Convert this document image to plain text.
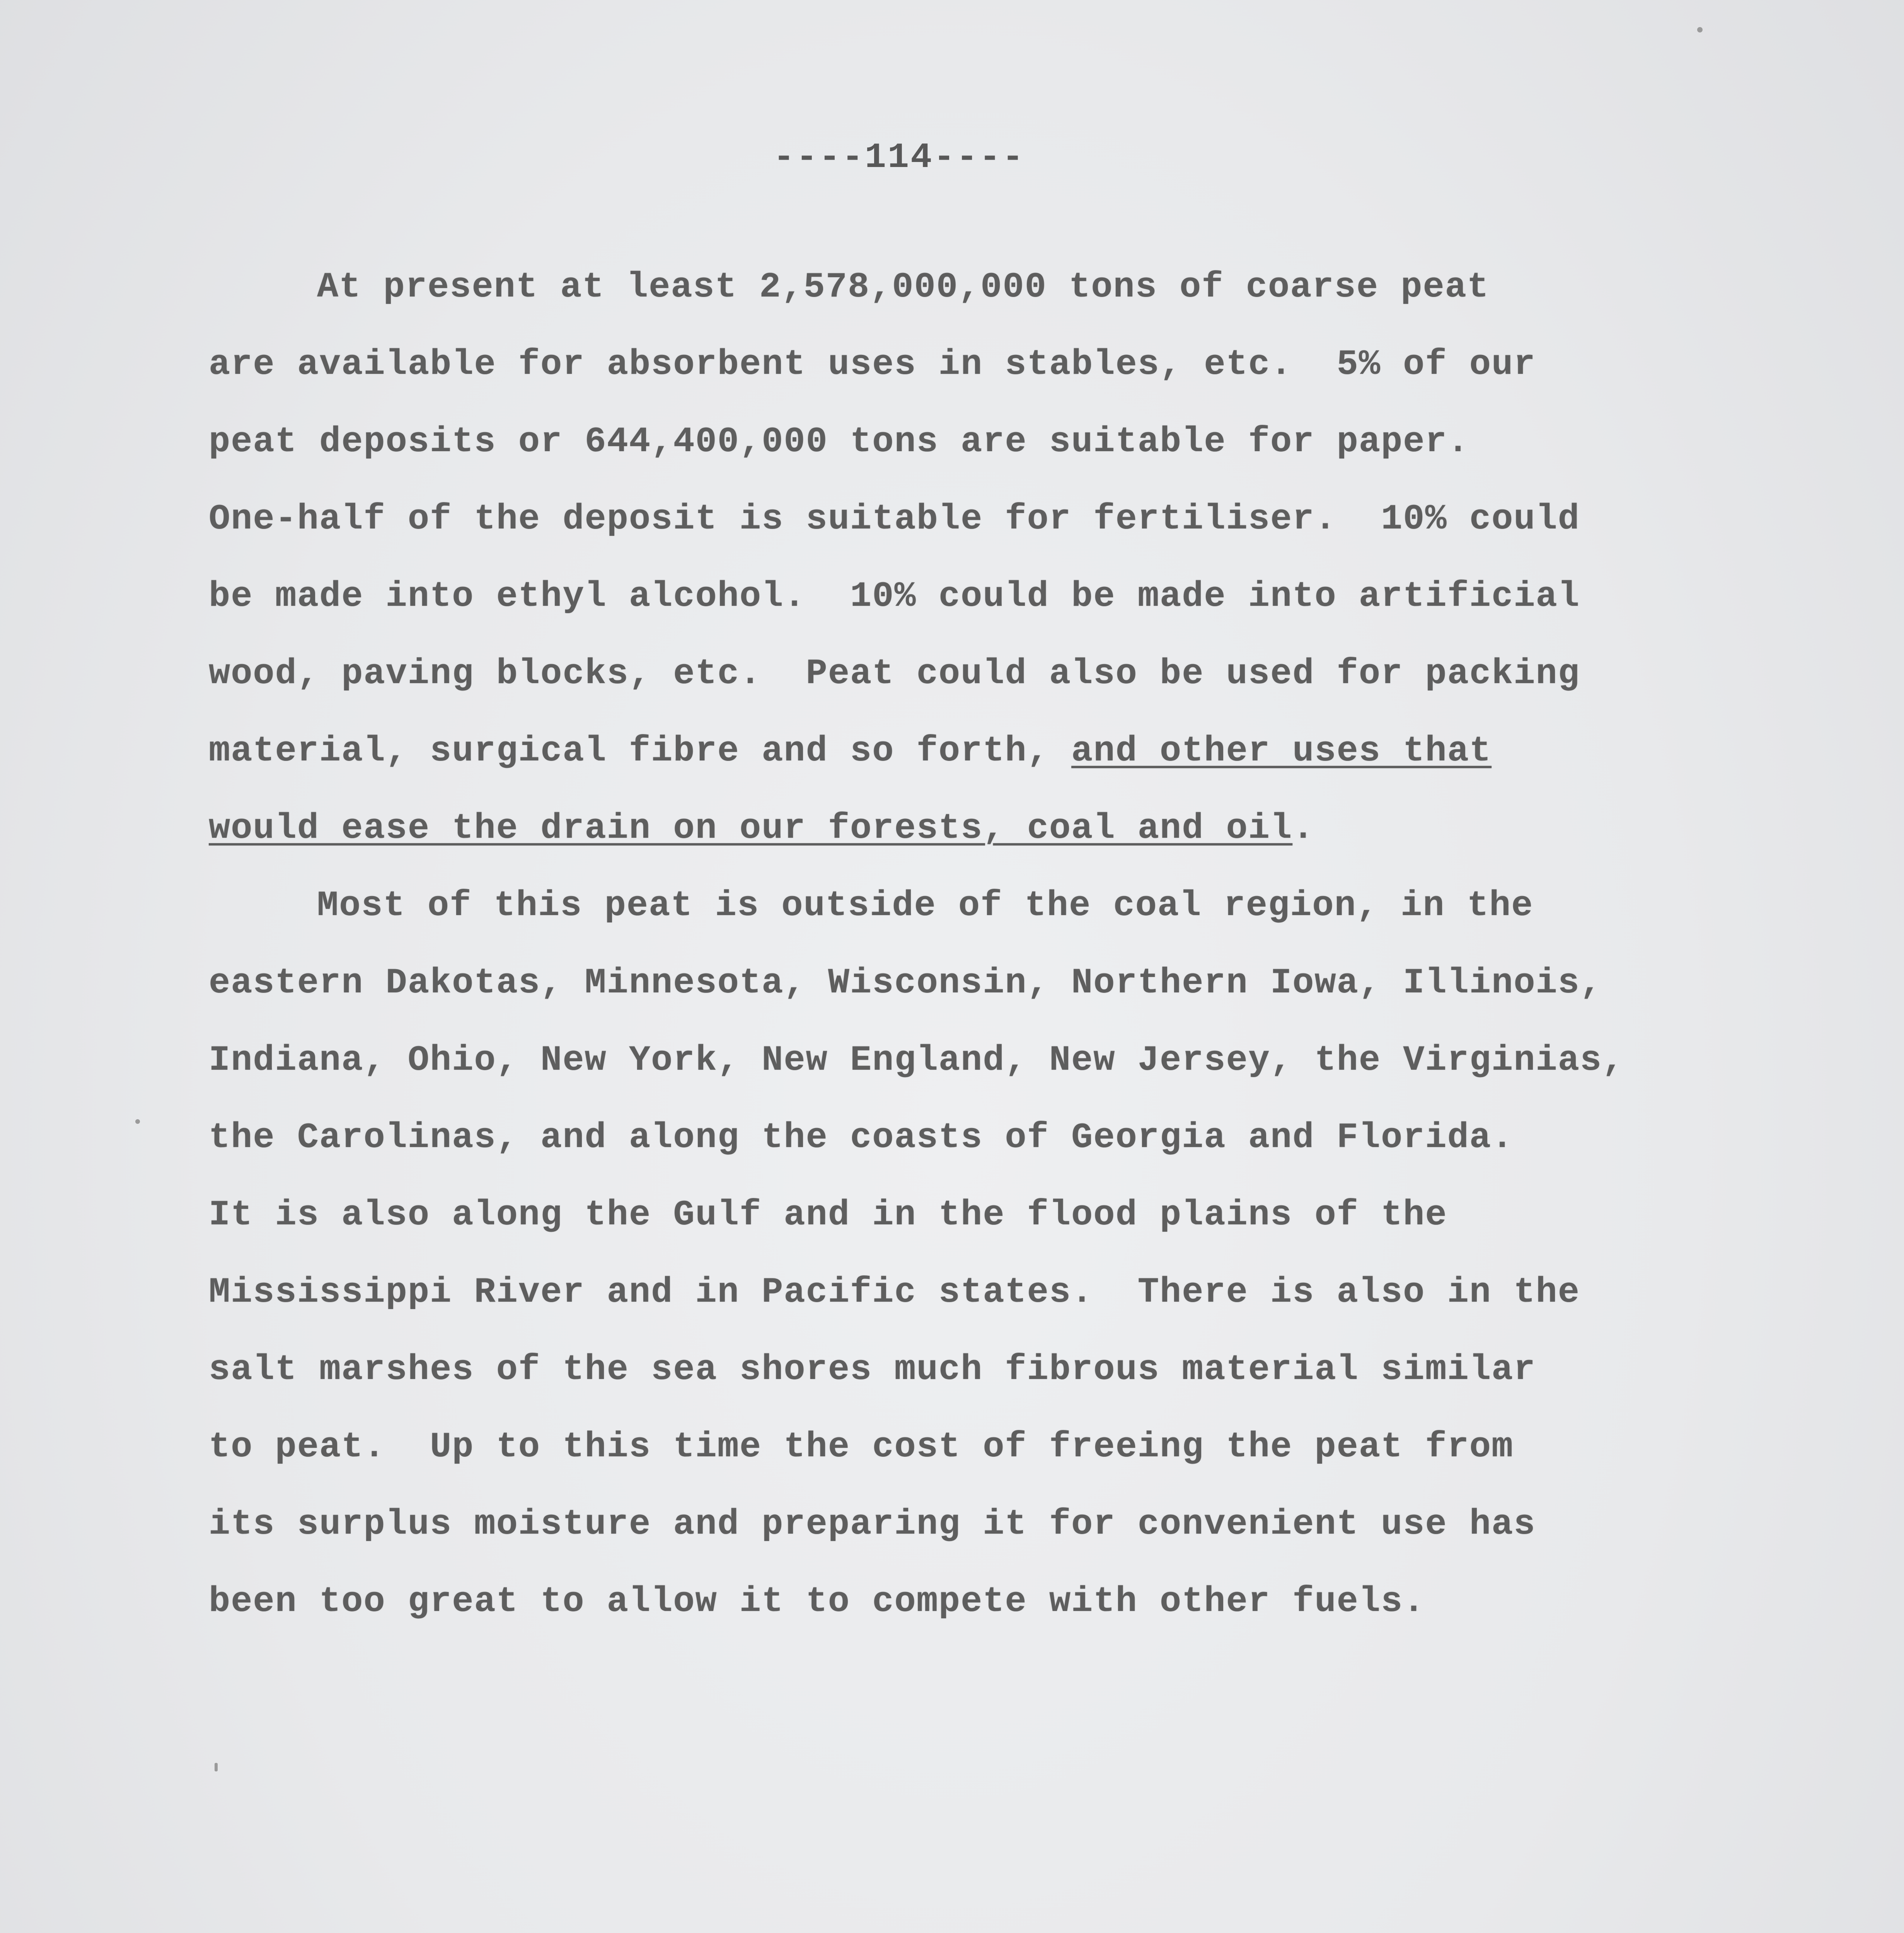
----114----
At present at least 2,578,000,000 tons of coarse peat
are available for absorbent uses in stables, etc.  5% of our
peat deposits or 644,400,000 tons are suitable for paper.
One-half of the deposit is suitable for fertiliser.  10% could
be made into ethyl alcohol.  10% could be made into artificial
wood, paving blocks, etc.  Peat could also be used for packing
material, surgical fibre and so forth, and other uses that
would ease the drain on our forests, coal and oil.
Most of this peat is outside of the coal region, in the
eastern Dakotas, Minnesota, Wisconsin, Northern Iowa, Illinois,
Indiana, Ohio, New York, New England, New Jersey, the Virginias,
the Carolinas, and along the coasts of Georgia and Florida.
It is also along the Gulf and in the flood plains of the
Mississippi River and in Pacific states.  There is also in the
salt marshes of the sea shores much fibrous material similar
to peat.  Up to this time the cost of freeing the peat from
its surplus moisture and preparing it for convenient use has
been too great to allow it to compete with other fuels.
